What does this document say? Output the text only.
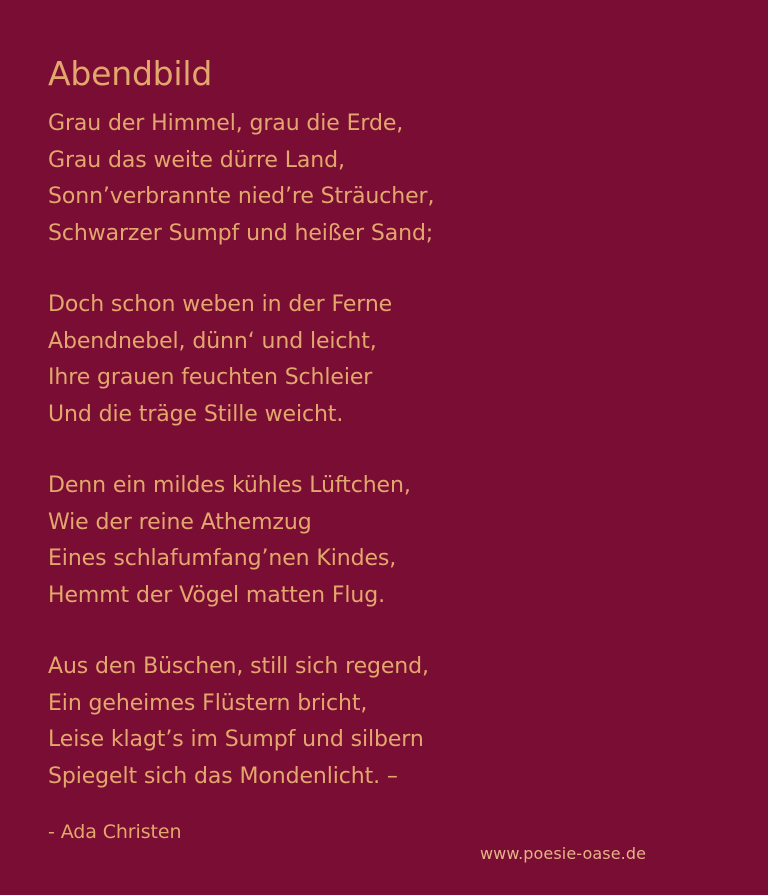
Abendbild

Grau der Himmel, grau die Erde,
Grau das weite dürre Land,
Sonn’verbrannte nied’re Sträucher,
Schwarzer Sumpf und heißer Sand;

Doch schon weben in der Ferne
Abendnebel, dünn‘ und leicht,
Ihre grauen feuchten Schleier
Und die träge Stille weicht.

Denn ein mildes kühles Lüftchen,
Wie der reine Athemzug
Eines schlafumfang’nen Kindes,
Hemmt der Vögel matten Flug.

Aus den Büschen, still sich regend,
Ein geheimes Flüstern bricht,
Leise klagt’s im Sumpf und silbern
Spiegelt sich das Mondenlicht. –

- Ada Christen
www.poesie-oase.de
